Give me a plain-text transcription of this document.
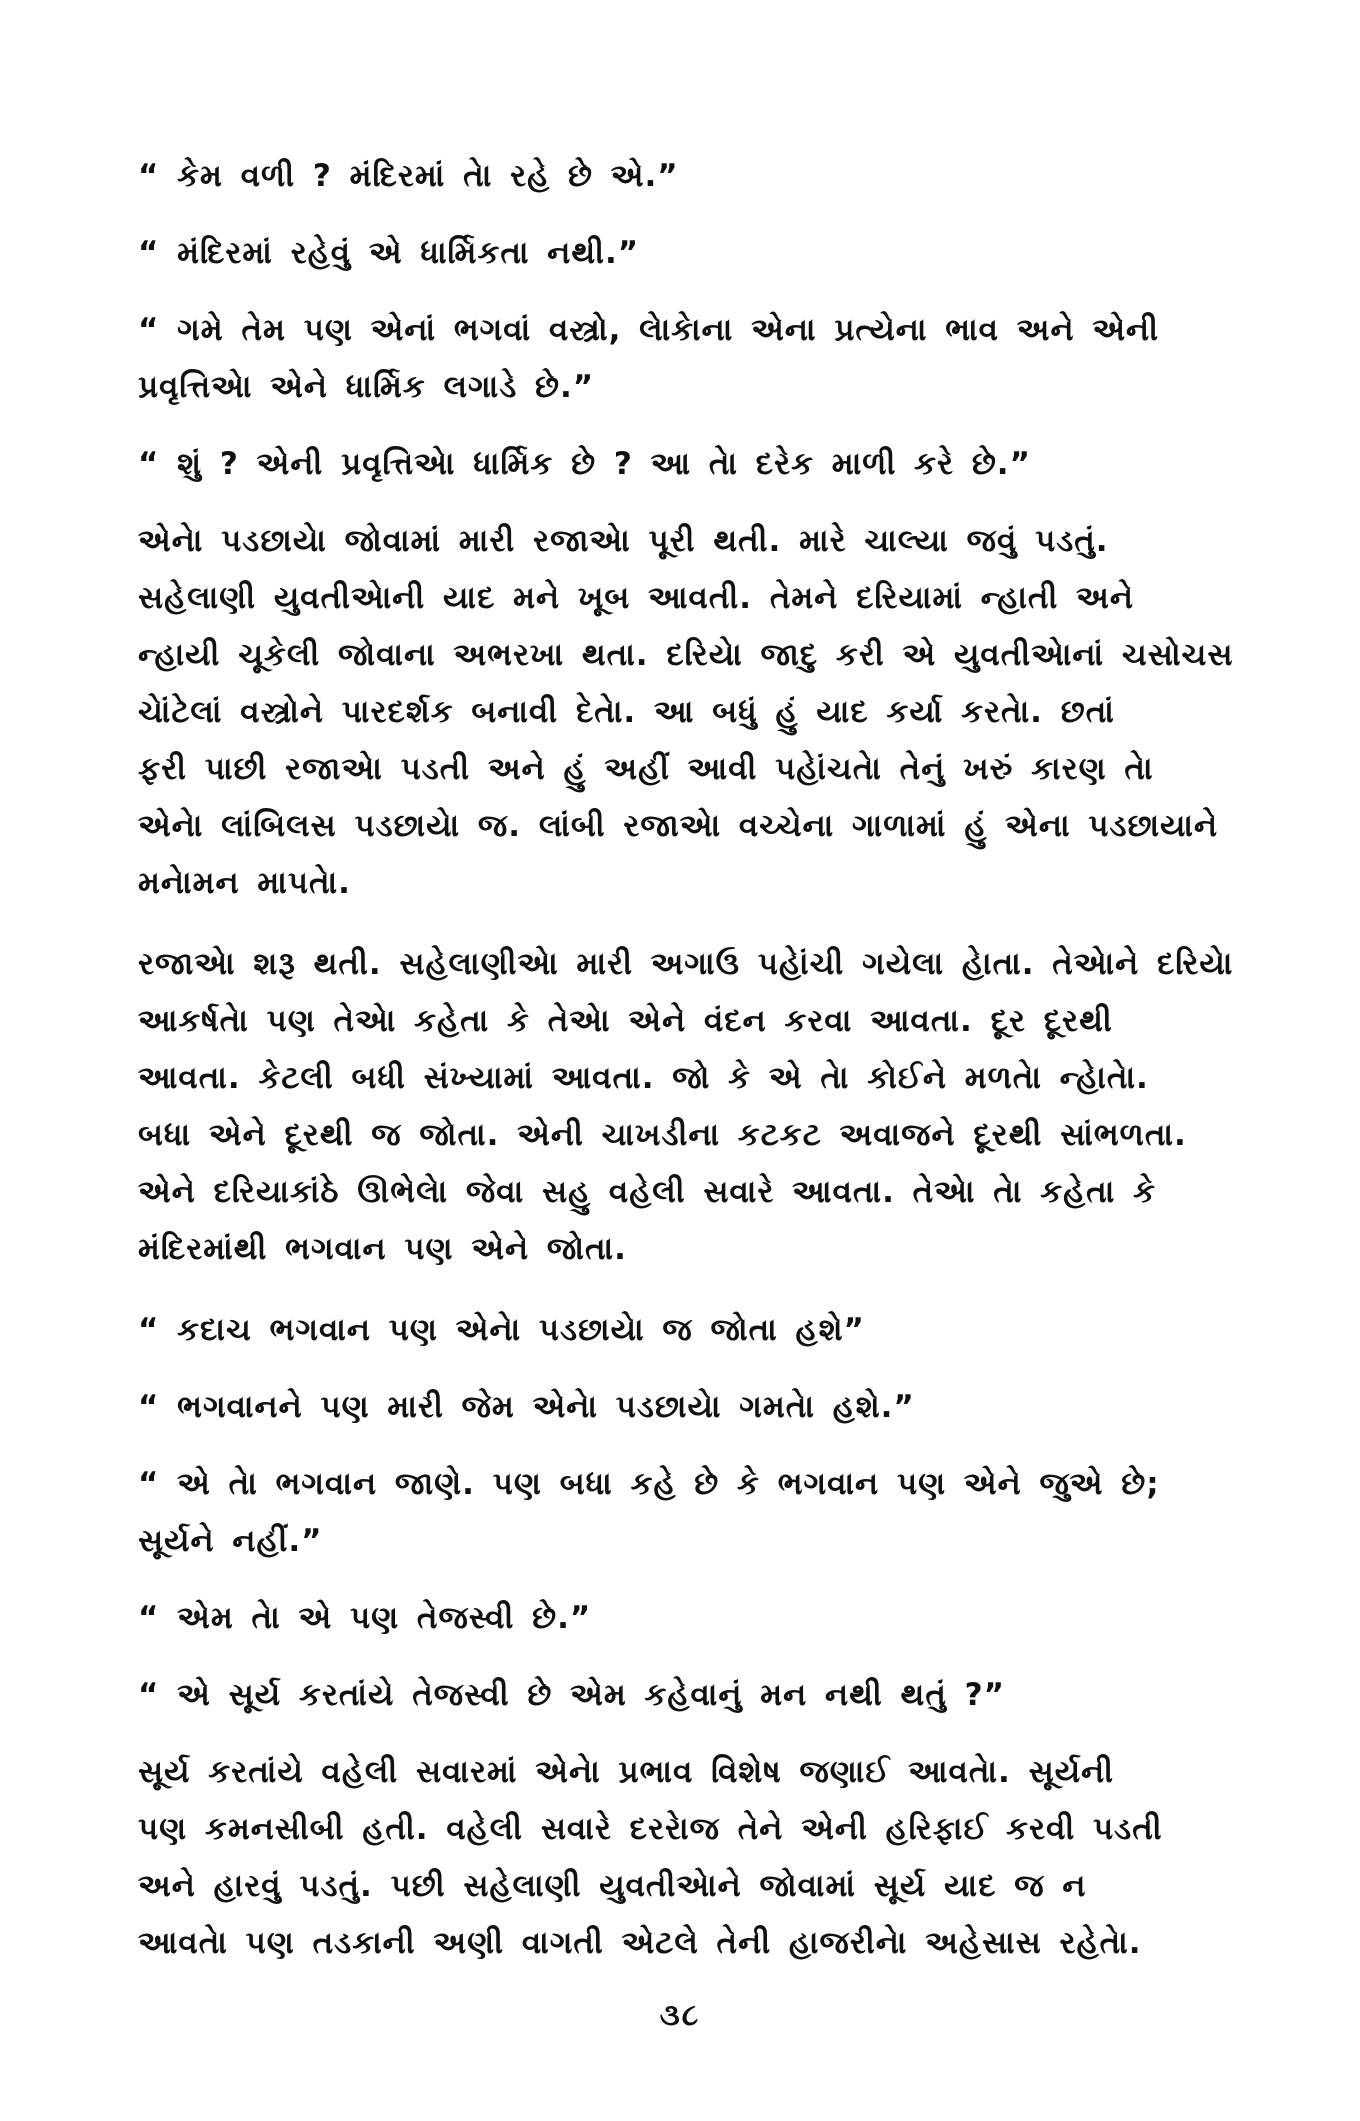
“ કેમ વળી ? મંદિરમાં તેા રહે છે એ.”
“ મંદિરમાં રહેવું એ ધાર્મિકતા નથી.”
“ ગમે તેમ પણ એનાં ભગવાં વસ્ત્રો, લેાકેાના એના પ્રત્યેના ભાવ અને એની
પ્રવૃત્તિએા એને ધાર્મિક લગાડે છે.”
“ શું ? એની પ્રવૃત્તિએા ધાર્મિક છે ? આ તેા દરેક માળી કરે છે.”
એનેા પડછાયેા જોવામાં મારી રજાએા પૂરી થતી. મારે ચાલ્યા જવું પડતું.
સહેલાણી યુવતીએાની યાદ મને ખૂબ આવતી. તેમને દરિયામાં ન્હાતી અને
ન્હાયી ચૂકેલી જોવાના અભરખા થતા. દરિયેા જાદુ કરી એ યુવતીએાનાં ચસોચસ
ચેાંટેલાં વસ્ત્રોને પારદર્શક બનાવી દેતેા. આ બધું હું યાદ કર્યા કરતેા. છતાં
ફરી પાછી રજાએા પડતી અને હું અહીં આવી પહેાંચતેા તેનું ખરું કારણ તેા
એનેા લાંબિલસ પડછાયેા જ. લાંબી રજાએા વચ્ચેના ગાળામાં હું એના પડછાયાને
મનેામન માપતેા.
રજાએા શરૂ થતી. સહેલાણીએા મારી અગાઉ પહેાંચી ગયેલા હેાતા. તેએાને દરિયેા
આકર્ષતેા પણ તેએા કહેતા કે તેએા એને વંદન કરવા આવતા. દૂર દૂરથી
આવતા. કેટલી બધી સંખ્યામાં આવતા. જો કે એ તેા કોઈને મળતેા ન્હેાતેા.
બધા એને દૂરથી જ જોતા. એની ચાખડીના કટકટ અવાજને દૂરથી સાંભળતા.
એને દરિયાકાંઠે ઊભેલેા જેવા સહુ વહેલી સવારે આવતા. તેએા તેા કહેતા કે
મંદિરમાંથી ભગવાન પણ એને જોતા.
“ કદાચ ભગવાન પણ એનેા પડછાયેા જ જોતા હશે”
“ ભગવાનને પણ મારી જેમ એનેા પડછાયેા ગમતેા હશે.”
“ એ તેા ભગવાન જાણે. પણ બધા કહે છે કે ભગવાન પણ એને જુએ છે;
સૂર્યને નહીં.”
“ એમ તેા એ પણ તેજસ્વી છે.”
“ એ સૂર્ય કરતાંયે તેજસ્વી છે એમ કહેવાનું મન નથી થતું ?”
સૂર્ય કરતાંયે વહેલી સવારમાં એનેા પ્રભાવ વિશેષ જણાઈ આવતેા. સૂર્યની
પણ કમનસીબી હતી. વહેલી સવારે દરરેાજ તેને એની હરિફાઈ કરવી પડતી
અને હારવું પડતું. પછી સહેલાણી યુવતીએાને જોવામાં સૂર્ય યાદ જ ન
આવતેા પણ તડકાની અણી વાગતી એટલે તેની હાજરીનેા અહેસાસ રહેતેા.
૩૮
